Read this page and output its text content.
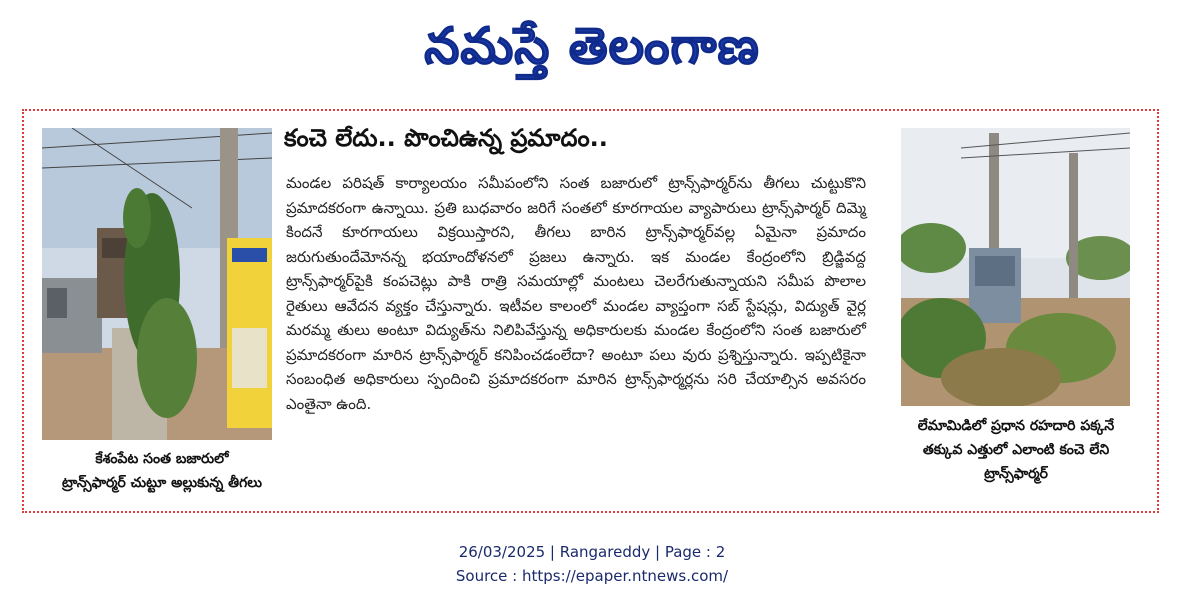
నమస్తే తెలంగాణ
కేశంపేట సంత బజారులో
ట్రాన్స్‌ఫార్మర్ చుట్టూ అల్లుకున్న తీగలు
కంచె లేదు.. పొంచిఉన్న ప్రమాదం..
మండల పరిషత్ కార్యాలయం సమీపంలోని సంత బజారులో ట్రాన్స్‌ఫార్మర్‌ను తీగలు చుట్టుకొని ప్రమాదకరంగా ఉన్నాయి. ప్రతి బుధవారం జరిగే సంతలో కూరగాయల వ్యాపారులు ట్రాన్స్‌ఫార్మర్ దిమ్మె కిందనే కూరగాయలు విక్రయిస్తారని, తీగలు బారిన ట్రాన్స్‌ఫార్మర్‌వల్ల ఏమైనా ప్రమాదం జరుగుతుందేమోనన్న భయాందోళనలో ప్రజలు ఉన్నారు. ఇక మండల కేంద్రంలోని బ్రిడ్జివద్ద ట్రాన్స్‌ఫార్మర్‌పైకి కంపచెట్లు పాకి రాత్రి సమయాల్లో మంటలు చెలరేగుతున్నాయని సమీప పొలాల రైతులు ఆవేదన వ్యక్తం చేస్తున్నారు. ఇటీవల కాలంలో మండల వ్యాప్తంగా సబ్ స్టేషన్లు, విద్యుత్ వైర్ల మరమ్మ తులు అంటూ విద్యుత్‌ను నిలిపివేస్తున్న అధికారులకు మండల కేంద్రంలోని సంత బజారులో ప్రమాదకరంగా మారిన ట్రాన్స్‌ఫార్మర్ కనిపించడంలేదా? అంటూ పలు వురు ప్రశ్నిస్తున్నారు. ఇప్పటికైనా సంబంధిత అధికారులు స్పందించి ప్రమాదకరంగా మారిన ట్రాన్స్‌ఫార్మర్లను సరి చేయాల్సిన అవసరం ఎంతైనా ఉంది.
లేమామిడిలో ప్రధాన రహదారి పక్కనే
తక్కువ ఎత్తులో ఎలాంటి కంచె లేని
ట్రాన్స్‌ఫార్మర్
26/03/2025 | Rangareddy | Page : 2
Source : https://epaper.ntnews.com/
